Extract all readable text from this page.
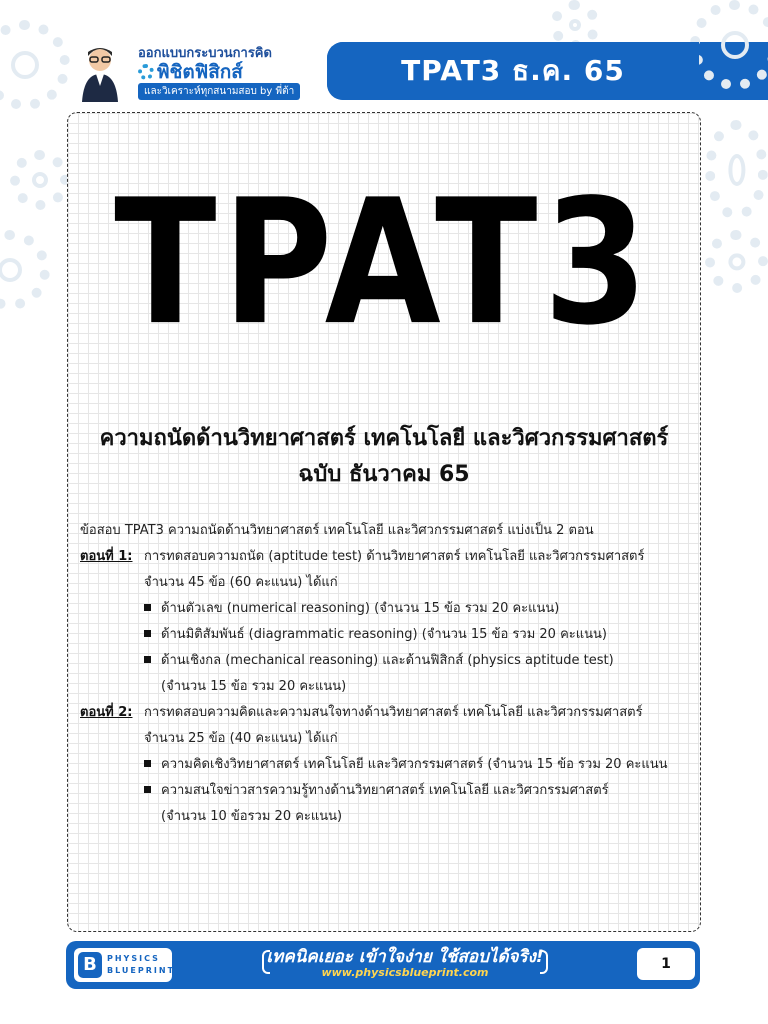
ออกแบบกระบวนการคิด
พิชิตฟิสิกส์
และวิเคราะห์ทุกสนามสอบ by พี่ต้า
TPAT3 ธ.ค. 65
TPAT3
ความถนัดด้านวิทยาศาสตร์ เทคโนโลยี และวิศวกรรมศาสตร์
ฉบับ ธันวาคม 65
ข้อสอบ TPAT3 ความถนัดด้านวิทยาศาสตร์ เทคโนโลยี และวิศวกรรมศาสตร์ แบ่งเป็น 2 ตอน
ตอนที่ 1: การทดสอบความถนัด (aptitude test) ด้านวิทยาศาสตร์ เทคโนโลยี และวิศวกรรมศาสตร์
จำนวน 45 ข้อ (60 คะแนน) ได้แก่
ด้านตัวเลข (numerical reasoning) (จำนวน 15 ข้อ รวม 20 คะแนน)
ด้านมิติสัมพันธ์ (diagrammatic reasoning) (จำนวน 15 ข้อ รวม 20 คะแนน)
ด้านเชิงกล (mechanical reasoning) และด้านฟิสิกส์ (physics aptitude test)
(จำนวน 15 ข้อ รวม 20 คะแนน)
ตอนที่ 2: การทดสอบความคิดและความสนใจทางด้านวิทยาศาสตร์ เทคโนโลยี และวิศวกรรมศาสตร์
จำนวน 25 ข้อ (40 คะแนน) ได้แก่
ความคิดเชิงวิทยาศาสตร์ เทคโนโลยี และวิศวกรรมศาสตร์ (จำนวน 15 ข้อ รวม 20 คะแนน
ความสนใจข่าวสารความรู้ทางด้านวิทยาศาสตร์ เทคโนโลยี และวิศวกรรมศาสตร์
(จำนวน 10 ข้อรวม 20 คะแนน)
B	PHYSICS
BLUEPRINT
เทคนิคเยอะ เข้าใจง่าย ใช้สอบได้จริง!
www.physicsblueprint.com
1
